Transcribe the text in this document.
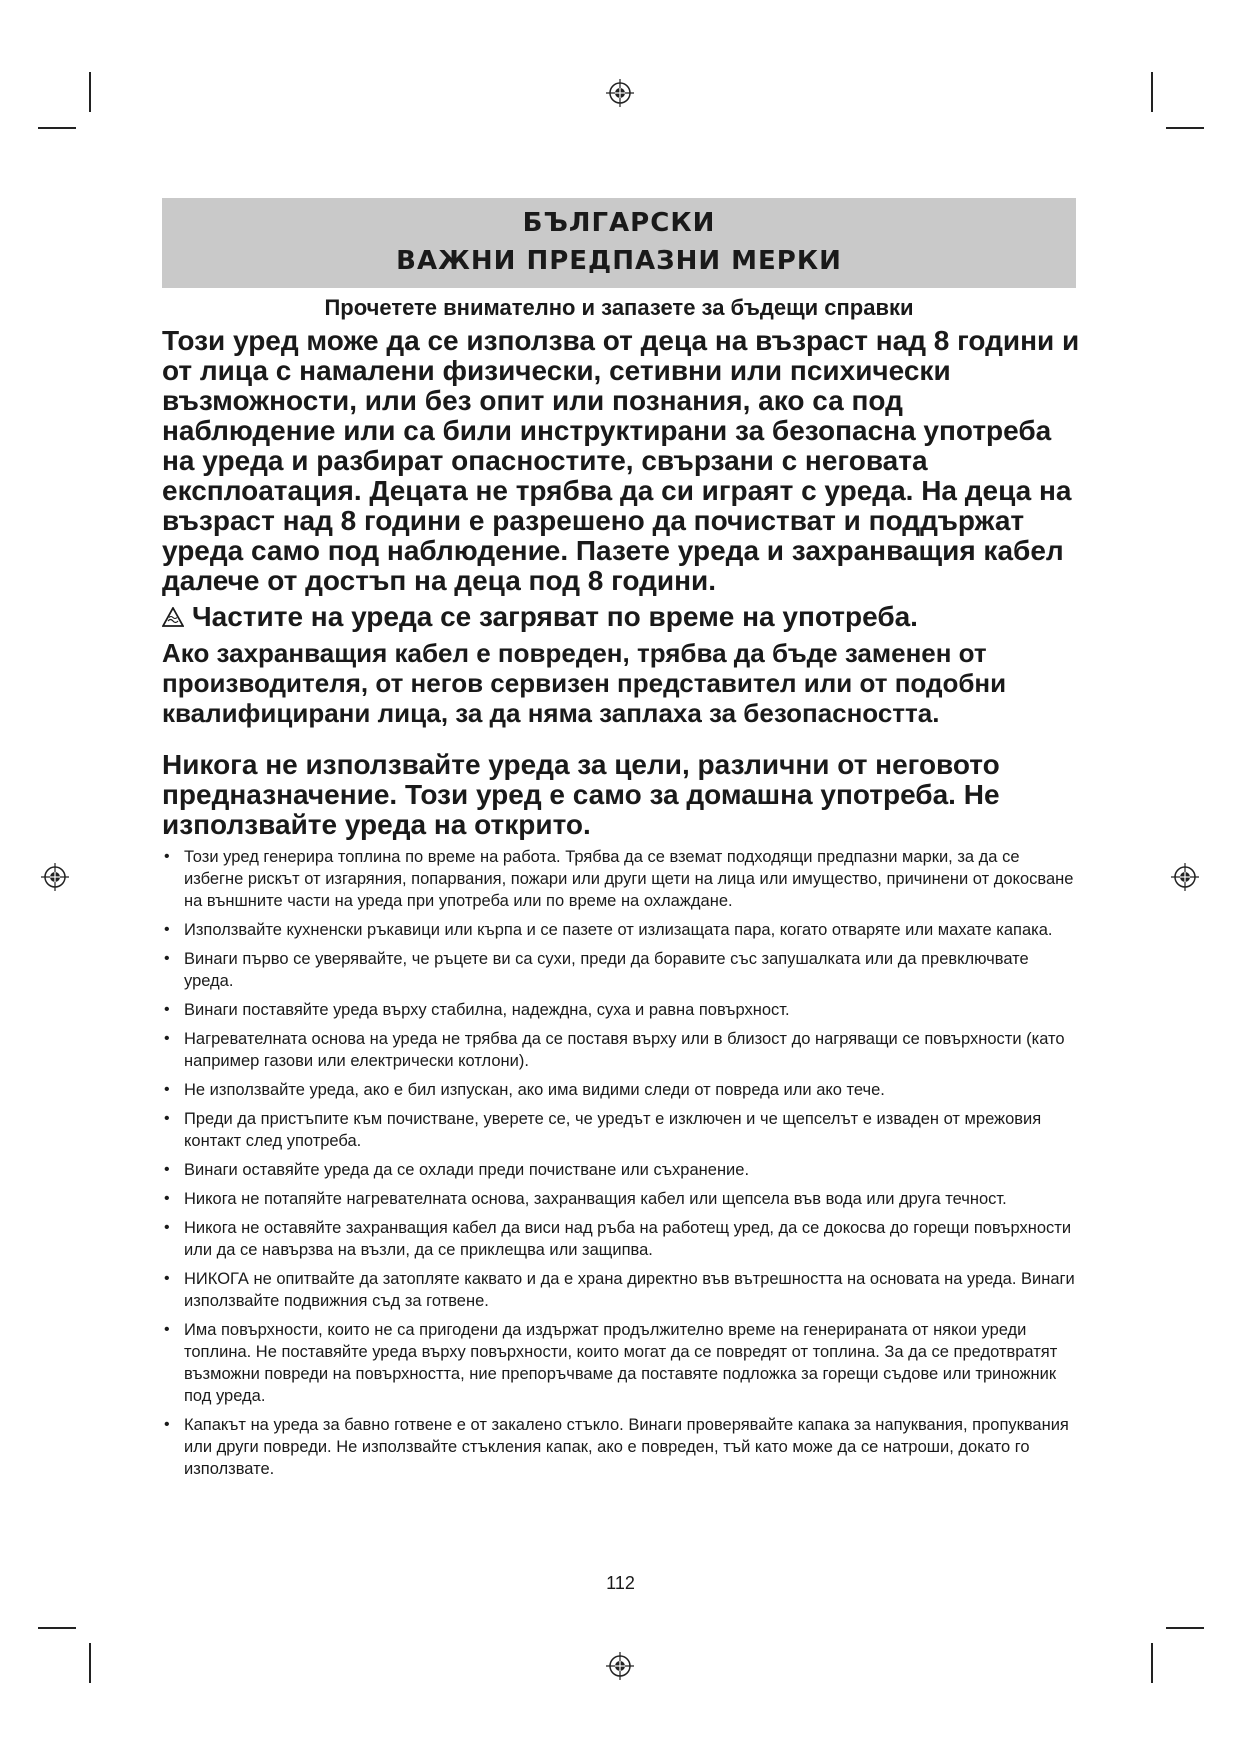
БЪЛГАРСКИ
ВАЖНИ ПРЕДПАЗНИ МЕРКИ
Прочетете внимателно и запазете за бъдещи справки

Този уред може да се използва от деца на възраст над 8 години и от лица с намалени физически, сетивни или психически възможности, или без опит или познания, ако са под наблюдение или са били инструктирани за безопасна употреба на уреда и разбират опасностите, свързани с неговата експлоатация. Децата не трябва да си играят с уреда. На деца на възраст над 8 години е разрешено да почистват и поддържат уреда само под наблюдение. Пазете уреда и захранващия кабел далече от достъп на деца под 8 години.

Частите на уреда се загряват по време на употреба.

Ако захранващия кабел е повреден, трябва да бъде заменен от производителя, от негов сервизен представител или от подобни квалифицирани лица, за да няма заплаха за безопасността.

Никога не използвайте уреда за цели, различни от неговото предназначение. Този уред е само за домашна употреба. Не използвайте уреда на открито.

• Този уред генерира топлина по време на работа. Трябва да се вземат подходящи предпазни марки, за да се избегне рискът от изгаряния, попарвания, пожари или други щети на лица или имущество, причинени от докосване на външните части на уреда при употреба или по време на охлаждане.
• Използвайте кухненски ръкавици или кърпа и се пазете от излизащата пара, когато отваряте или махате капака.
• Винаги първо се уверявайте, че ръцете ви са сухи, преди да боравите със запушалката или да превключвате уреда.
• Винаги поставяйте уреда върху стабилна, надеждна, суха и равна повърхност.
• Нагревателната основа на уреда не трябва да се поставя върху или в близост до нагряващи се повърхности (като например газови или електрически котлони).
• Не използвайте уреда, ако е бил изпускан, ако има видими следи от повреда или ако тече.
• Преди да пристъпите към почистване, уверете се, че уредът е изключен и че щепселът е изваден от мрежовия контакт след употреба.
• Винаги оставяйте уреда да се охлади преди почистване или съхранение.
• Никога не потапяйте нагревателната основа, захранващия кабел или щепсела във вода или друга течност.
• Никога не оставяйте захранващия кабел да виси над ръба на работещ уред, да се докосва до горещи повърхности или да се навързва на възли, да се приклещва или защипва.
• НИКОГА не опитвайте да затопляте каквато и да е храна директно във вътрешността на основата на уреда. Винаги използвайте подвижния съд за готвене.
• Има повърхности, които не са пригодени да издържат продължително време на генерираната от някои уреди топлина. Не поставяйте уреда върху повърхности, които могат да се повредят от топлина. За да се предотвратят възможни повреди на повърхността, ние препоръчваме да поставяте подложка за горещи съдове или триножник под уреда.
• Капакът на уреда за бавно готвене е от закалено стъкло. Винаги проверявайте капака за напуквания, пропуквания или други повреди. Не използвайте стъкления капак, ако е повреден, тъй като може да се натроши, докато го използвате.
112
